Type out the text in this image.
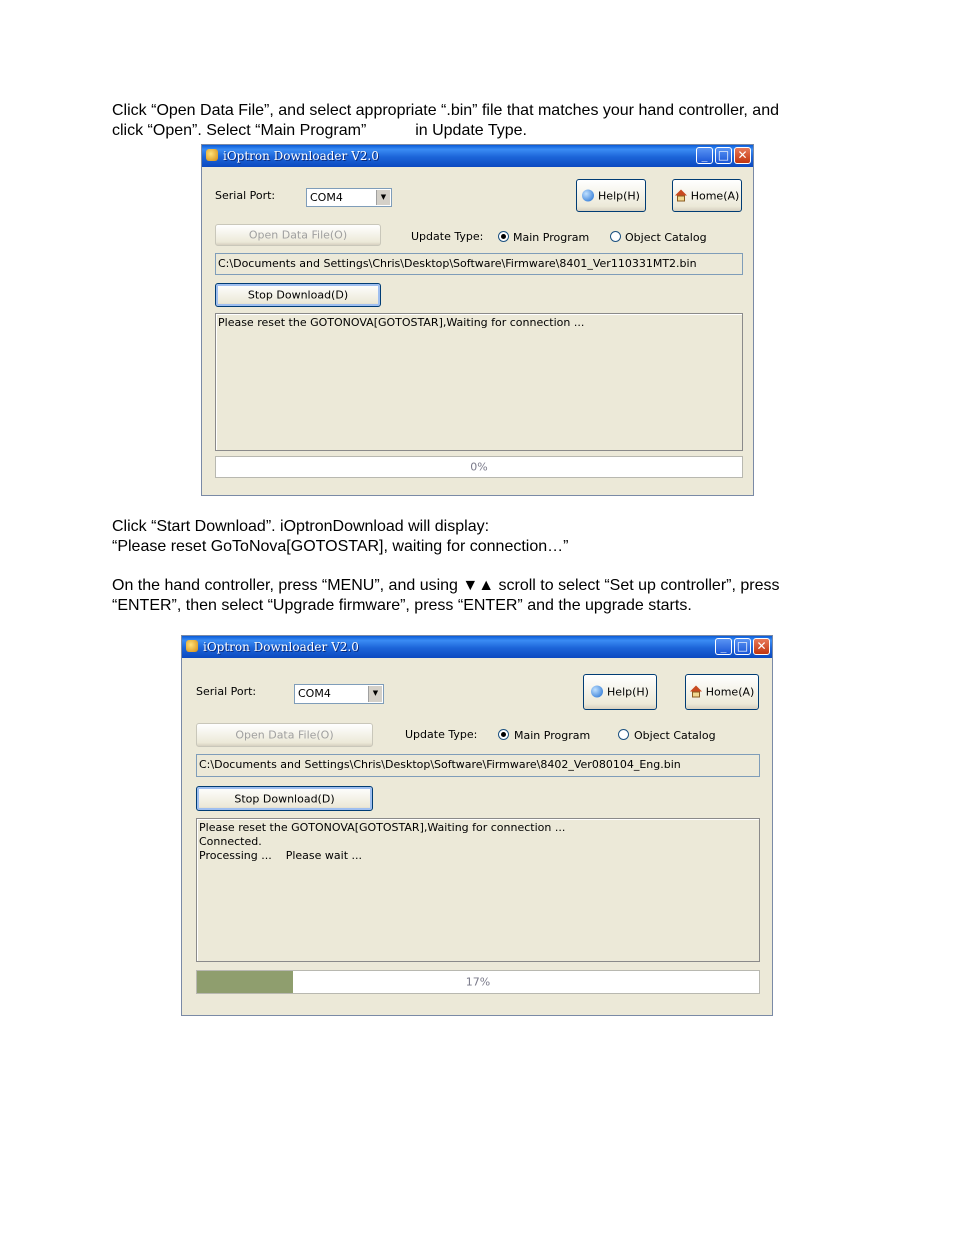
Click “Open Data File”, and select appropriate “.bin” file that matches your hand controller, and
click “Open”. Select “Main Program”           in Update Type.
iOptron Downloader V2.0	_ □ ✕
Serial Port:	COM4	▼	Help(H)	Home(A)
Open Data File(O)	Update Type:	Main Program	Object Catalog
C:\Documents and Settings\Chris\Desktop\Software\Firmware\8401_Ver110331MT2.bin
Stop Download(D)
Please reset the GOTONOVA[GOTOSTAR],Waiting for connection ...
0%
Click “Start Download”. iOptronDownload will display:
“Please reset GoToNova[GOTOSTAR], waiting for connection…”
On the hand controller, press “MENU”, and using ▼▲ scroll to select “Set up controller”, press
“ENTER”, then select “Upgrade firmware”, press “ENTER” and the upgrade starts.
iOptron Downloader V2.0	_ □ ✕
Serial Port:	COM4	▼	Help(H)	Home(A)
Open Data File(O)	Update Type:	Main Program	Object Catalog
C:\Documents and Settings\Chris\Desktop\Software\Firmware\8402_Ver080104_Eng.bin
Stop Download(D)
Please reset the GOTONOVA[GOTOSTAR],Waiting for connection ...
Connected.
Processing ...    Please wait ...
17%
